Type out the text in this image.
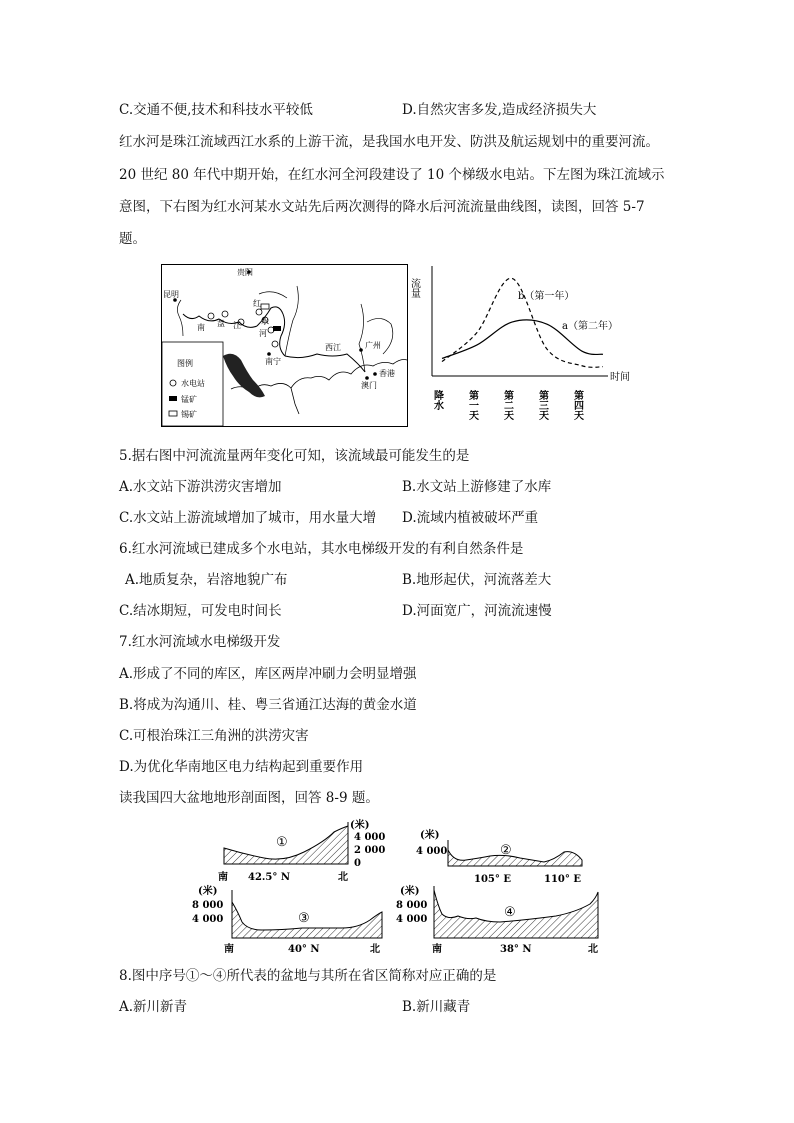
C.交通不便,技术和科技水平较低	D.自然灾害多发,造成经济损失大
红水河是珠江流域西江水系的上游干流，是我国水电开发、防洪及航运规划中的重要河流。
20 世纪 80 年代中期开始，在红水河全河段建设了 10 个梯级水电站。下左图为珠江流域示
意图，下右图为红水河某水文站先后两次测得的降水后河流流量曲线图，读图，回答 5-7
题。
贵阳
昆明
南 盘 江
红
水
河
南宁
西江	广州
香港
澳门
图例
水电站
锰矿
锡矿
流量
时间
降水 第一天 第二天 第三天 第四天
b（第一年）
a（第二年）
5.据右图中河流流量两年变化可知，该流域最可能发生的是
A.水文站下游洪涝灾害增加	B.水文站上游修建了水库
C.水文站上游流域增加了城市，用水量大增 D.流域内植被破坏严重
6.红水河流域已建成多个水电站，其水电梯级开发的有利自然条件是
A.地质复杂，岩溶地貌广布	B.地形起伏，河流落差大
C.结冰期短，可发电时间长	D.河面宽广，河流流速慢
7.红水河流域水电梯级开发
A.形成了不同的库区，库区两岸冲刷力会明显增强
B.将成为沟通川、桂、粤三省通江达海的黄金水道
C.可根治珠江三角洲的洪涝灾害
D.为优化华南地区电力结构起到重要作用
读我国四大盆地地形剖面图，回答 8-9 题。
①
(米)
4 000
2 000
0
南 42.5° N	北
②
(米)
4 000
105° E	110° E
③
(米)
8 000
4 000
南	40° N	北
④
(米)
8 000
4 000
南	38° N	北
8.图中序号①～④所代表的盆地与其所在省区简称对应正确的是
A.新川新青	B.新川藏青
